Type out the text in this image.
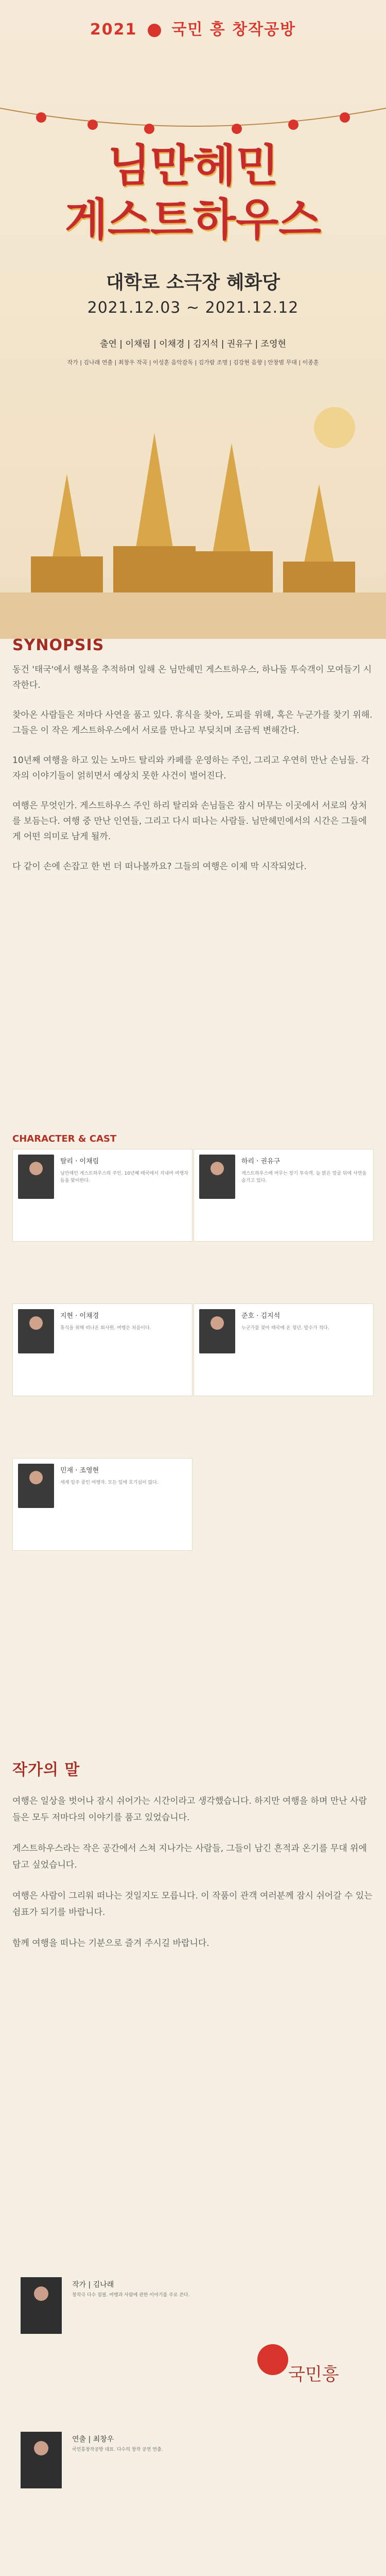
2021 국민 흥 창작공방
님만헤민
게스트하우스
대학로 소극장 혜화당
2021.12.03 ~ 2021.12.12
출연 | 이채림 | 이채경 | 김지석 | 권유구 | 조영현
작가 | 김나래 연출 | 최창우 작곡 | 이성훈 음악감독 | 김가람 조명 | 김강현 음향 | 안창범 무대 | 이종훈
SYNOPSIS

동건 '태국'에서 행복을 추적하며 일해 온 님만헤민 게스트하우스, 하나둘 투숙객이 모여들기 시작한다.

찾아온 사람들은 저마다 사연을 품고 있다. 휴식을 찾아, 도피를 위해, 혹은 누군가를 찾기 위해. 그들은 이 작은 게스트하우스에서 서로를 만나고 부딪치며 조금씩 변해간다.

10년째 여행을 하고 있는 노마드 탈리와 카페를 운영하는 주인, 그리고 우연히 만난 손님들. 각자의 이야기들이 얽히면서 예상치 못한 사건이 벌어진다.

여행은 무엇인가. 게스트하우스 주인 하리 탈리와 손님들은 잠시 머무는 이곳에서 서로의 상처를 보듬는다. 여행 중 만난 인연들, 그리고 다시 떠나는 사람들. 님만헤민에서의 시간은 그들에게 어떤 의미로 남게 될까.

다 같이 손에 손잡고 한 번 더 떠나볼까요? 그들의 여행은 이제 막 시작되었다.

CHARACTER & CAST
탈리 · 이채림
님만헤민 게스트하우스의 주인. 10년째 태국에서 지내며 여행자들을 맞이한다.
하리 · 권유구
게스트하우스에 머무는 장기 투숙객. 늘 밝은 얼굴 뒤에 사연을 숨기고 있다.
지현 · 이채경
휴식을 위해 떠나온 회사원. 여행은 처음이다.
준호 · 김지석
누군가를 찾아 태국에 온 청년. 말수가 적다.
민재 · 조영현
세계 일주 중인 여행자. 모든 일에 호기심이 많다.
작가의 말

여행은 일상을 벗어나 잠시 쉬어가는 시간이라고 생각했습니다. 하지만 여행을 하며 만난 사람들은 모두 저마다의 이야기를 품고 있었습니다.

게스트하우스라는 작은 공간에서 스쳐 지나가는 사람들, 그들이 남긴 흔적과 온기를 무대 위에 담고 싶었습니다.

여행은 사람이 그리워 떠나는 것일지도 모릅니다. 이 작품이 관객 여러분께 잠시 쉬어갈 수 있는 쉼표가 되기를 바랍니다.

함께 여행을 떠나는 기분으로 즐겨 주시길 바랍니다.

작가 | 김나래
창작극 다수 집필. 여행과 사람에 관한 이야기를 주로 쓴다.
연출 | 최창우
국민흥창작공방 대표. 다수의 창작 공연 연출.
국민흥
